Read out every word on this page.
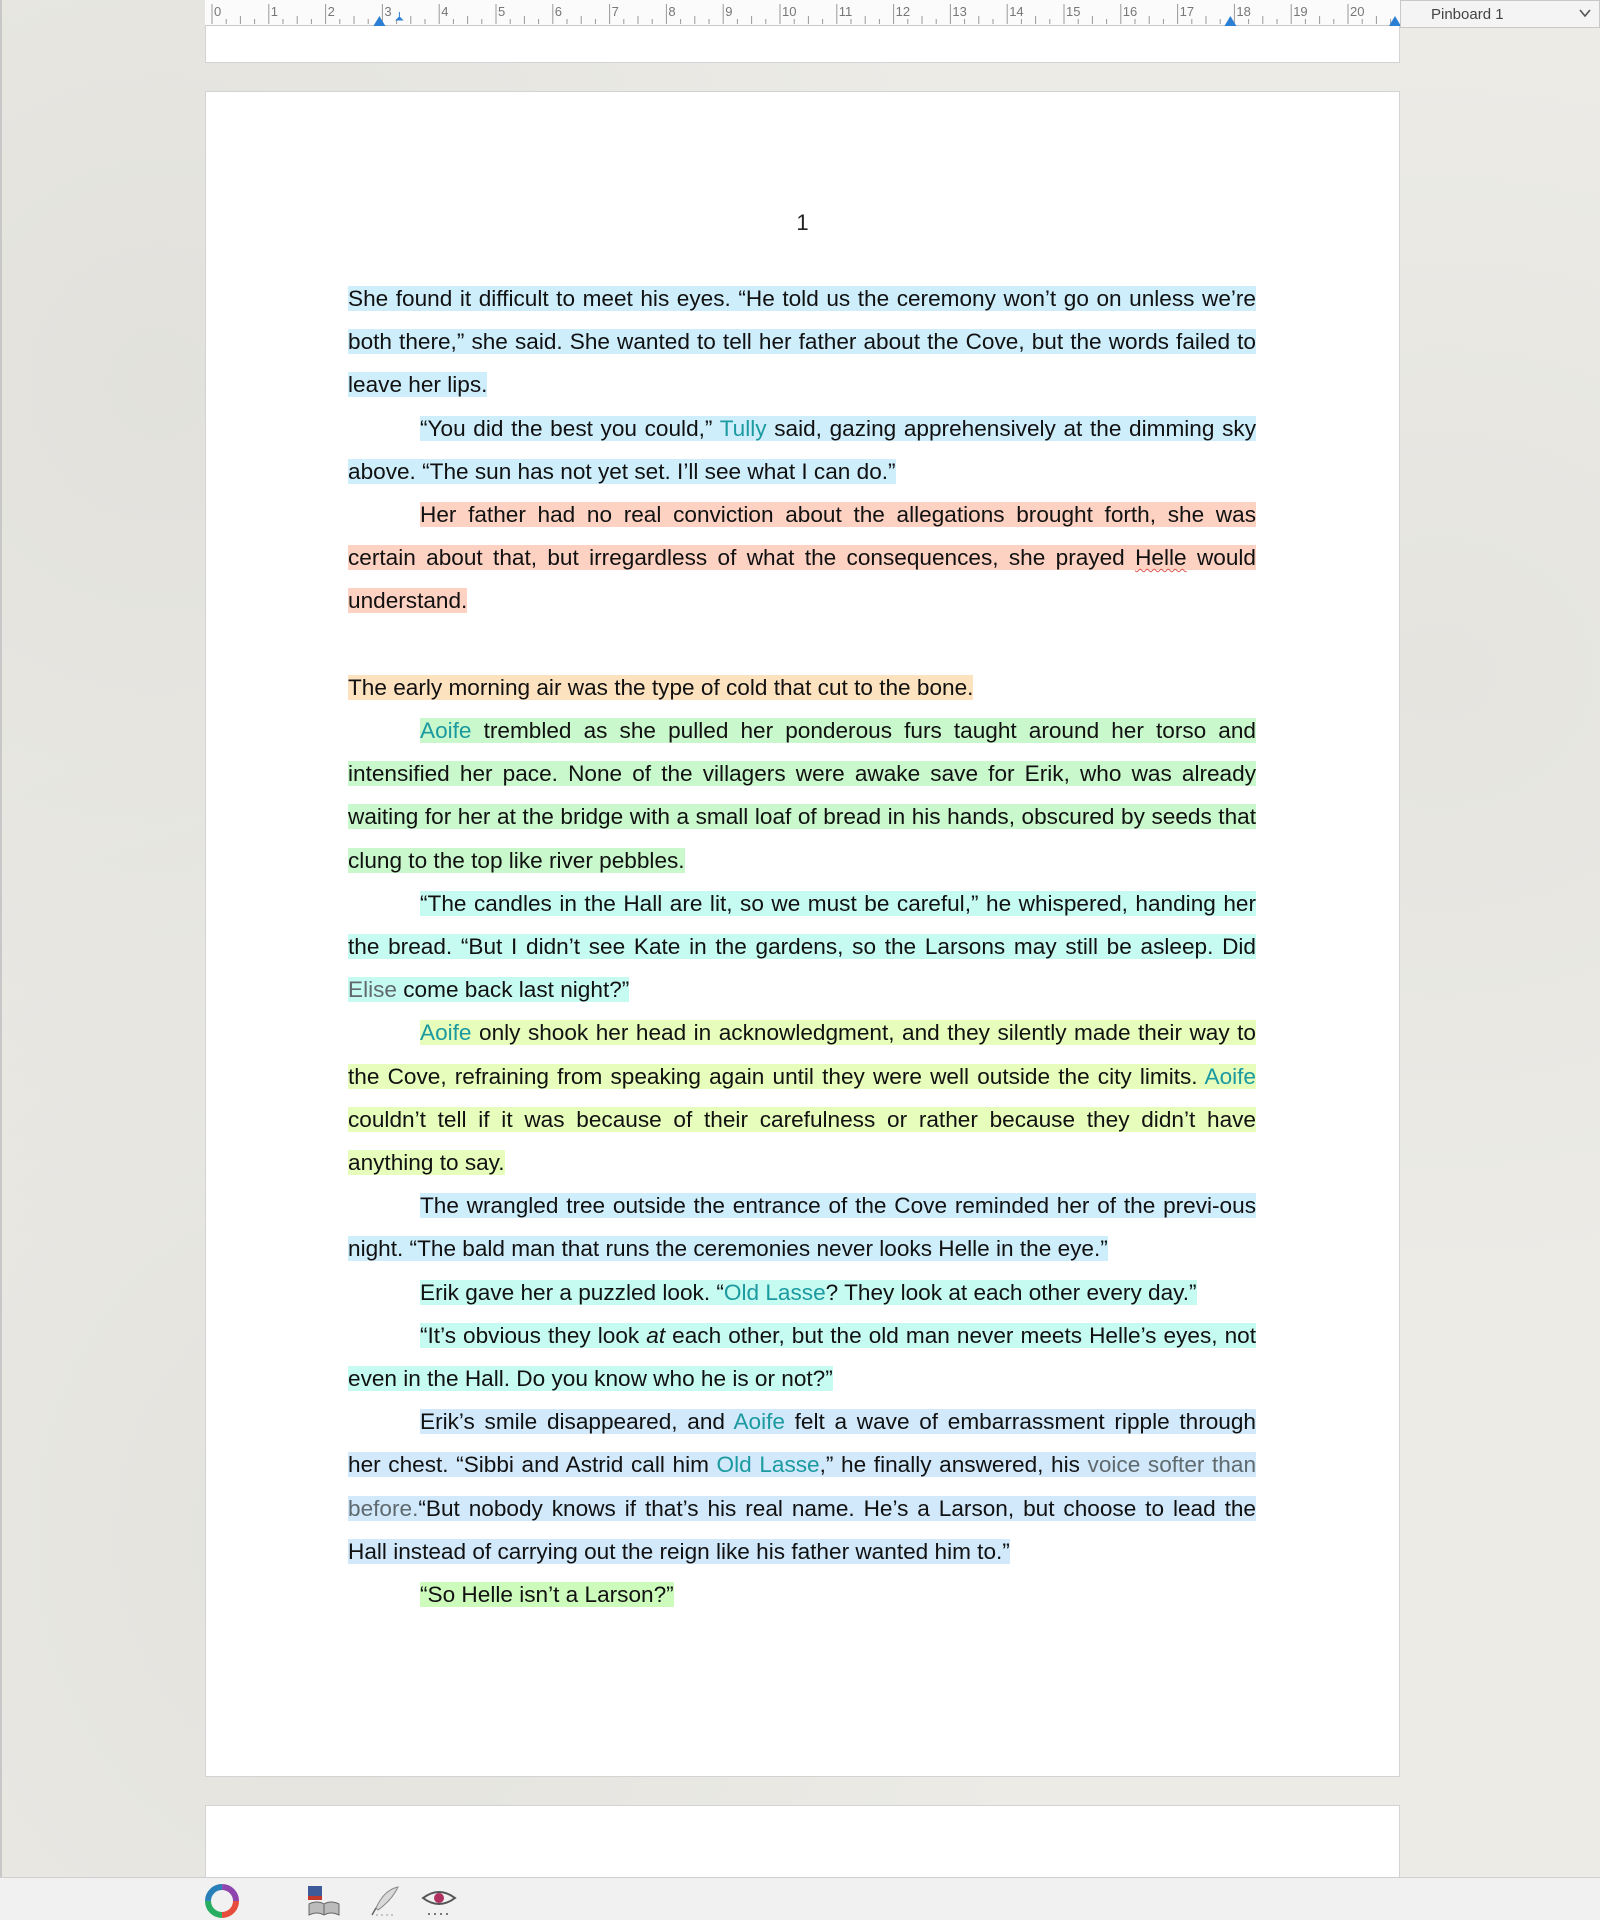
0	1	2	3	4	5	6	7	8	9	10	11	12	13	14	15	16	17	18	19	20	Pinboard 1
1
She found it difficult to meet his eyes. “He told us the ceremony won’t go on unless we’re both there,” she said. She wanted to tell her father about the Cove, but the words failed to leave her lips.
“You did the best you could,” Tully said, gazing apprehensively at the dimming sky above. “The sun has not yet set. I’ll see what I can do.”
Her father had no real conviction about the allegations brought forth, she was certain about that, but irregardless of what the consequences, she prayed Helle would understand.
The early morning air was the type of cold that cut to the bone.
Aoife trembled as she pulled her ponderous furs taught around her torso and intensified her pace. None of the villagers were awake save for Erik, who was already waiting for her at the bridge with a small loaf of bread in his hands, obscured by seeds that clung to the top like river pebbles.
“The candles in the Hall are lit, so we must be careful,” he whispered, handing her the bread. “But I didn’t see Kate in the gardens, so the Larsons may still be asleep. Did Elise come back last night?”
Aoife only shook her head in acknowledgment, and they silently made their way to the Cove, refraining from speaking again until they were well outside the city limits. Aoife couldn’t tell if it was because of their carefulness or rather because they didn’t have anything to say.
The wrangled tree outside the entrance of the Cove reminded her of the previ-ous night. “The bald man that runs the ceremonies never looks Helle in the eye.”
Erik gave her a puzzled look. “Old Lasse? They look at each other every day.”
“It’s obvious they look at each other, but the old man never meets Helle’s eyes, not even in the Hall. Do you know who he is or not?”
Erik’s smile disappeared, and Aoife felt a wave of embarrassment ripple through her chest. “Sibbi and Astrid call him Old Lasse,” he finally answered, his voice softer than before.“But nobody knows if that’s his real name. He’s a Larson, but choose to lead the Hall instead of carrying out the reign like his father wanted him to.”
“So Helle isn’t a Larson?”
